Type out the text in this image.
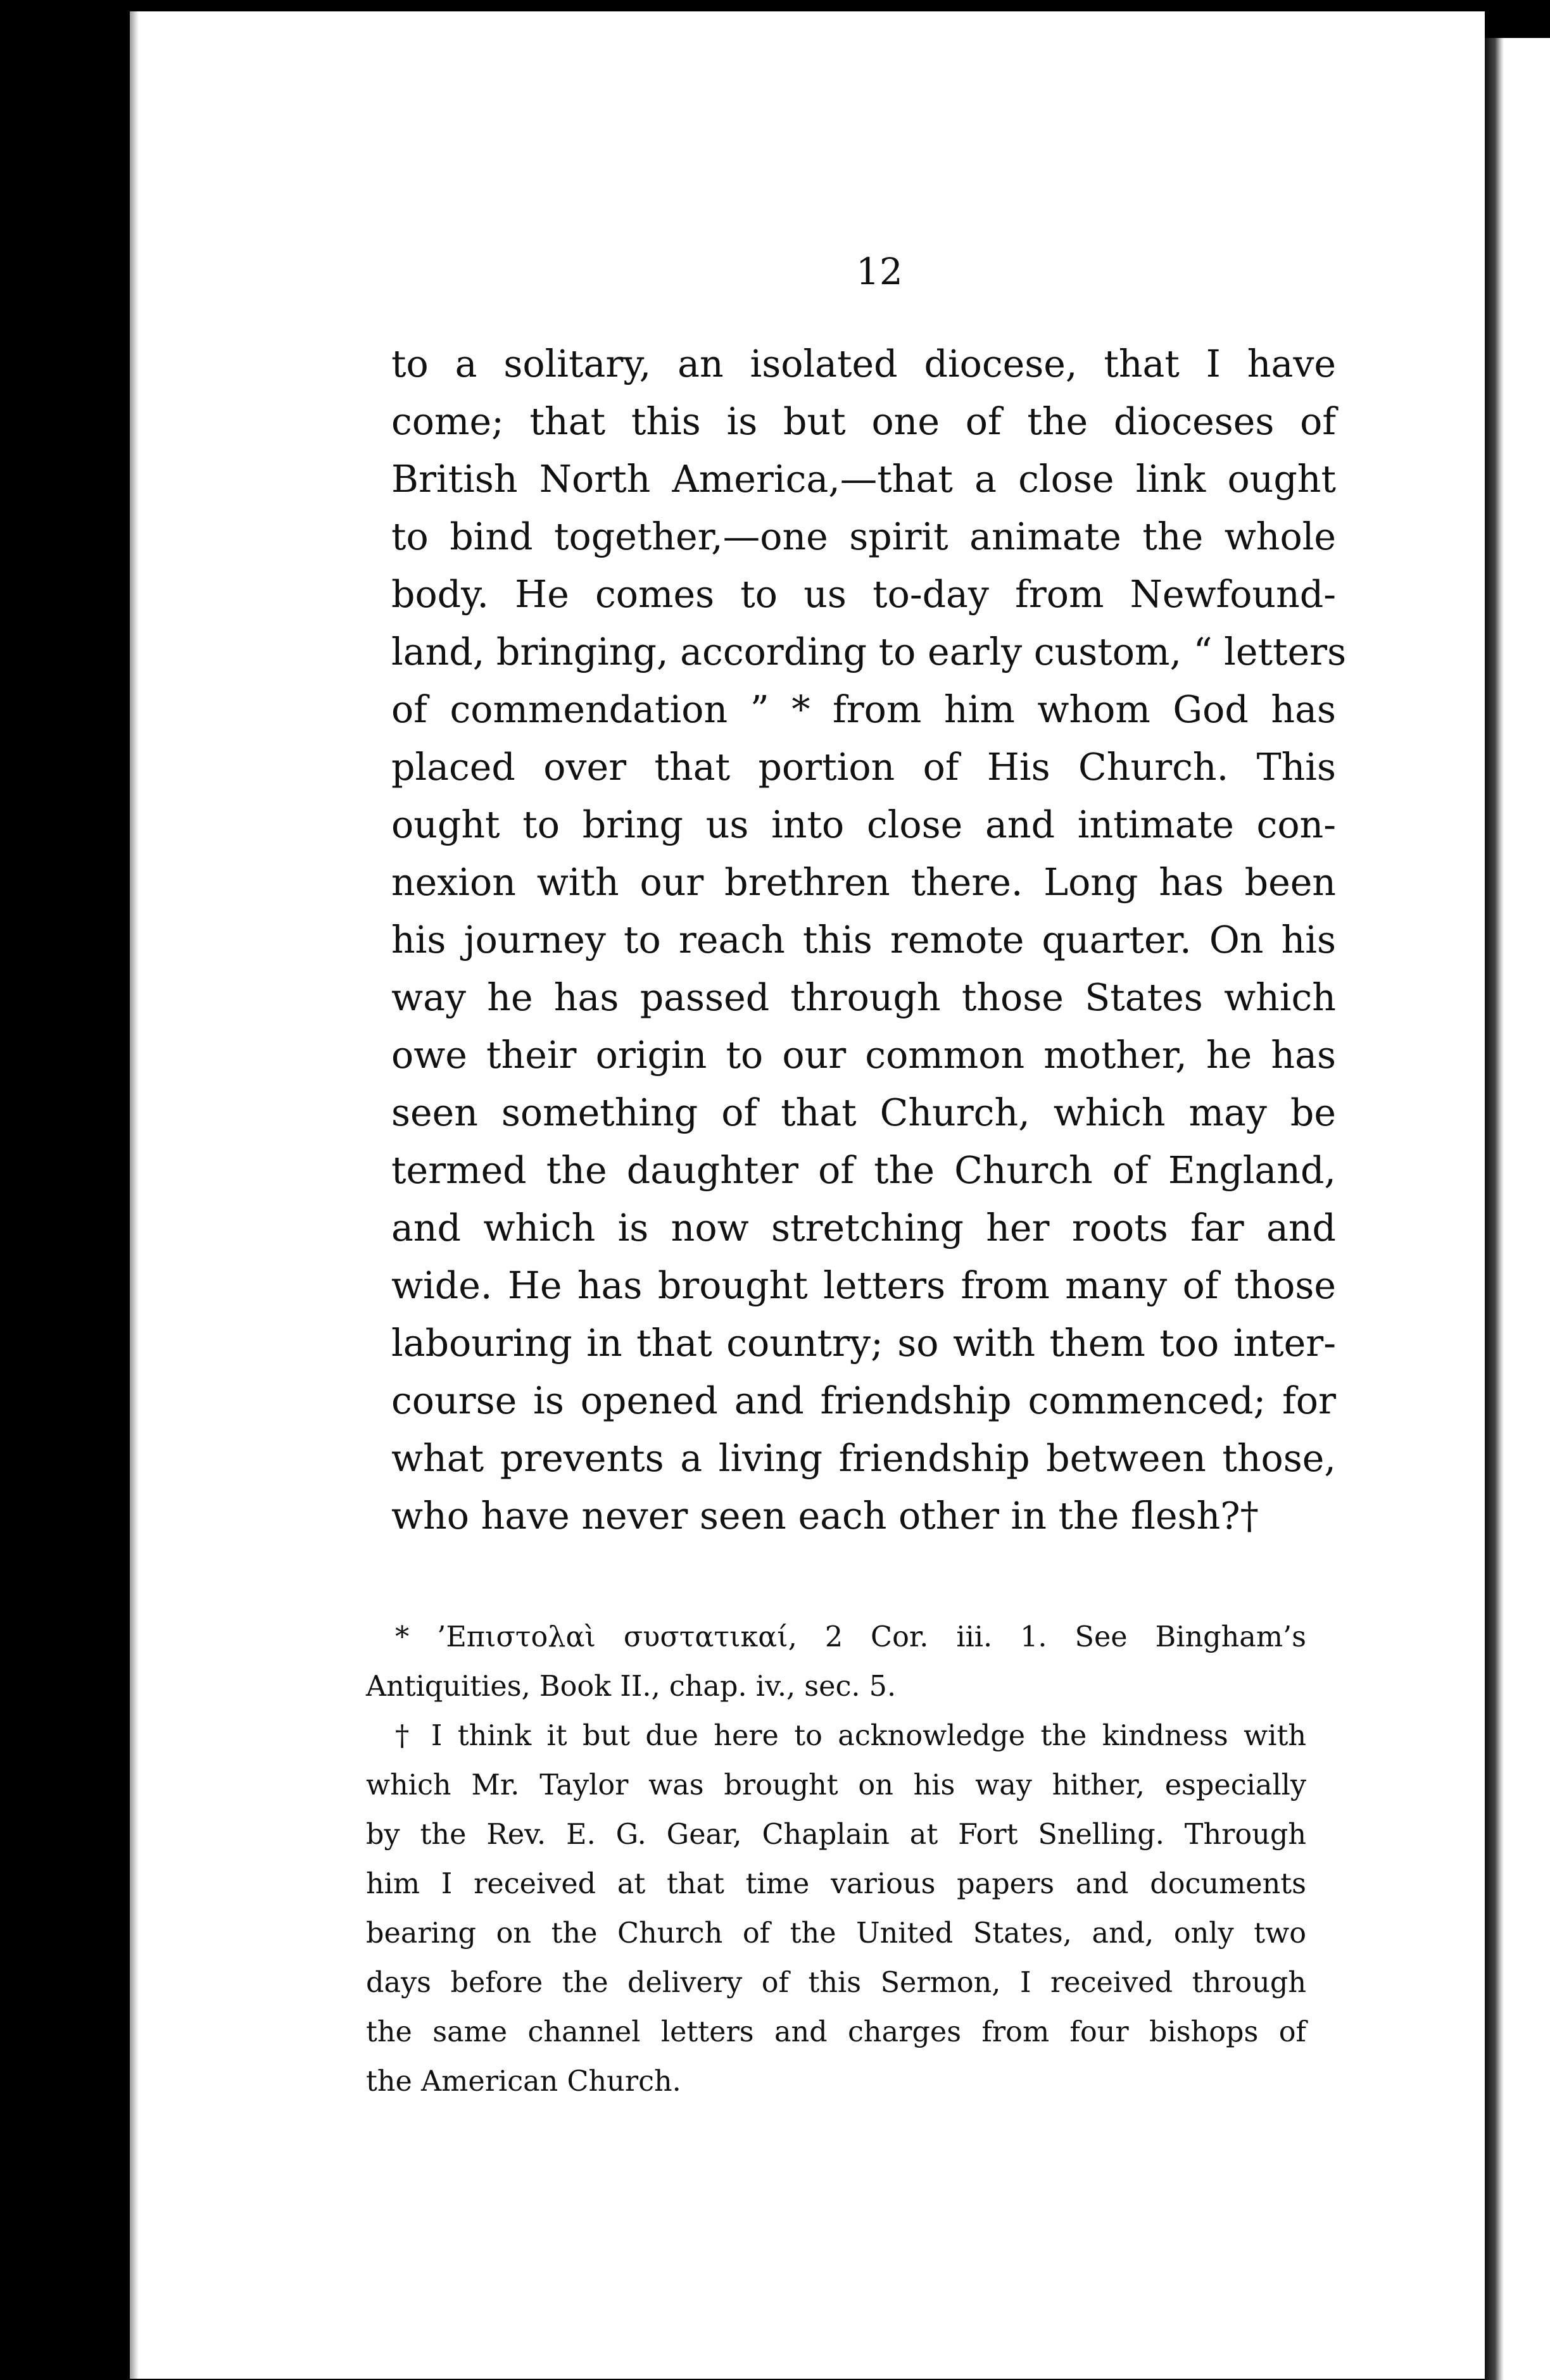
12
to a solitary, an isolated diocese, that I have
come; that this is but one of the dioceses of
British North America,—that a close link ought
to bind together,—one spirit animate the whole
body. He comes to us to-day from Newfound-
land, bringing, according to early custom, “ letters
of commendation ” * from him whom God has
placed over that portion of His Church. This
ought to bring us into close and intimate con-
nexion with our brethren there. Long has been
his journey to reach this remote quarter. On his
way he has passed through those States which
owe their origin to our common mother, he has
seen something of that Church, which may be
termed the daughter of the Church of England,
and which is now stretching her roots far and
wide. He has brought letters from many of those
labouring in that country; so with them too inter-
course is opened and friendship commenced; for
what prevents a living friendship between those,
who have never seen each other in the flesh?†
* ’Επιστολαὶ συστατικαί, 2 Cor. iii. 1. See Bingham’s
Antiquities, Book II., chap. iv., sec. 5.
† I think it but due here to acknowledge the kindness with
which Mr. Taylor was brought on his way hither, especially
by the Rev. E. G. Gear, Chaplain at Fort Snelling. Through
him I received at that time various papers and documents
bearing on the Church of the United States, and, only two
days before the delivery of this Sermon, I received through
the same channel letters and charges from four bishops of
the American Church.
